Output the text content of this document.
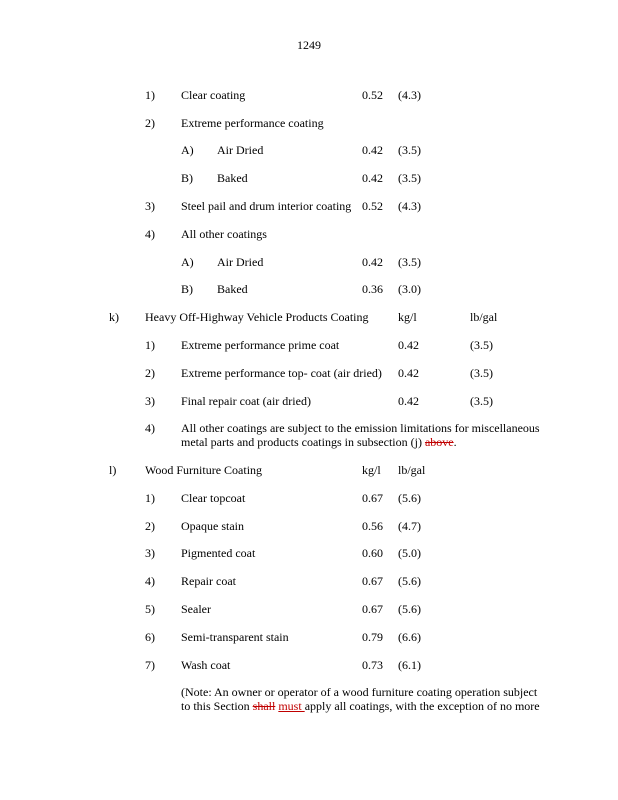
1249
1) Clear coating	0.52 (4.3)
2) Extreme performance coating
A) Air Dried	0.42 (3.5)
B) Baked	0.42 (3.5)
3) Steel pail and drum interior coating 0.52 (4.3)
4) All other coatings
A) Air Dried	0.42 (3.5)
B) Baked	0.36 (3.0)
k) Heavy Off-Highway Vehicle Products Coating kg/l	lb/gal
1) Extreme performance prime coat	0.42	(3.5)
2) Extreme performance top- coat (air dried) 0.42	(3.5)
3) Final repair coat (air dried)	0.42	(3.5)
4) All other coatings are subject to the emission limitations for miscellaneous
metal parts and products coatings in subsection (j) above.
l) Wood Furniture Coating	kg/l lb/gal
1) Clear topcoat	0.67 (5.6)
2) Opaque stain	0.56 (4.7)
3) Pigmented coat	0.60 (5.0)
4) Repair coat	0.67 (5.6)
5) Sealer	0.67 (5.6)
6) Semi-transparent stain	0.79 (6.6)
7) Wash coat	0.73 (6.1)
(Note: An owner or operator of a wood furniture coating operation subject
to this Section shall must apply all coatings, with the exception of no more
